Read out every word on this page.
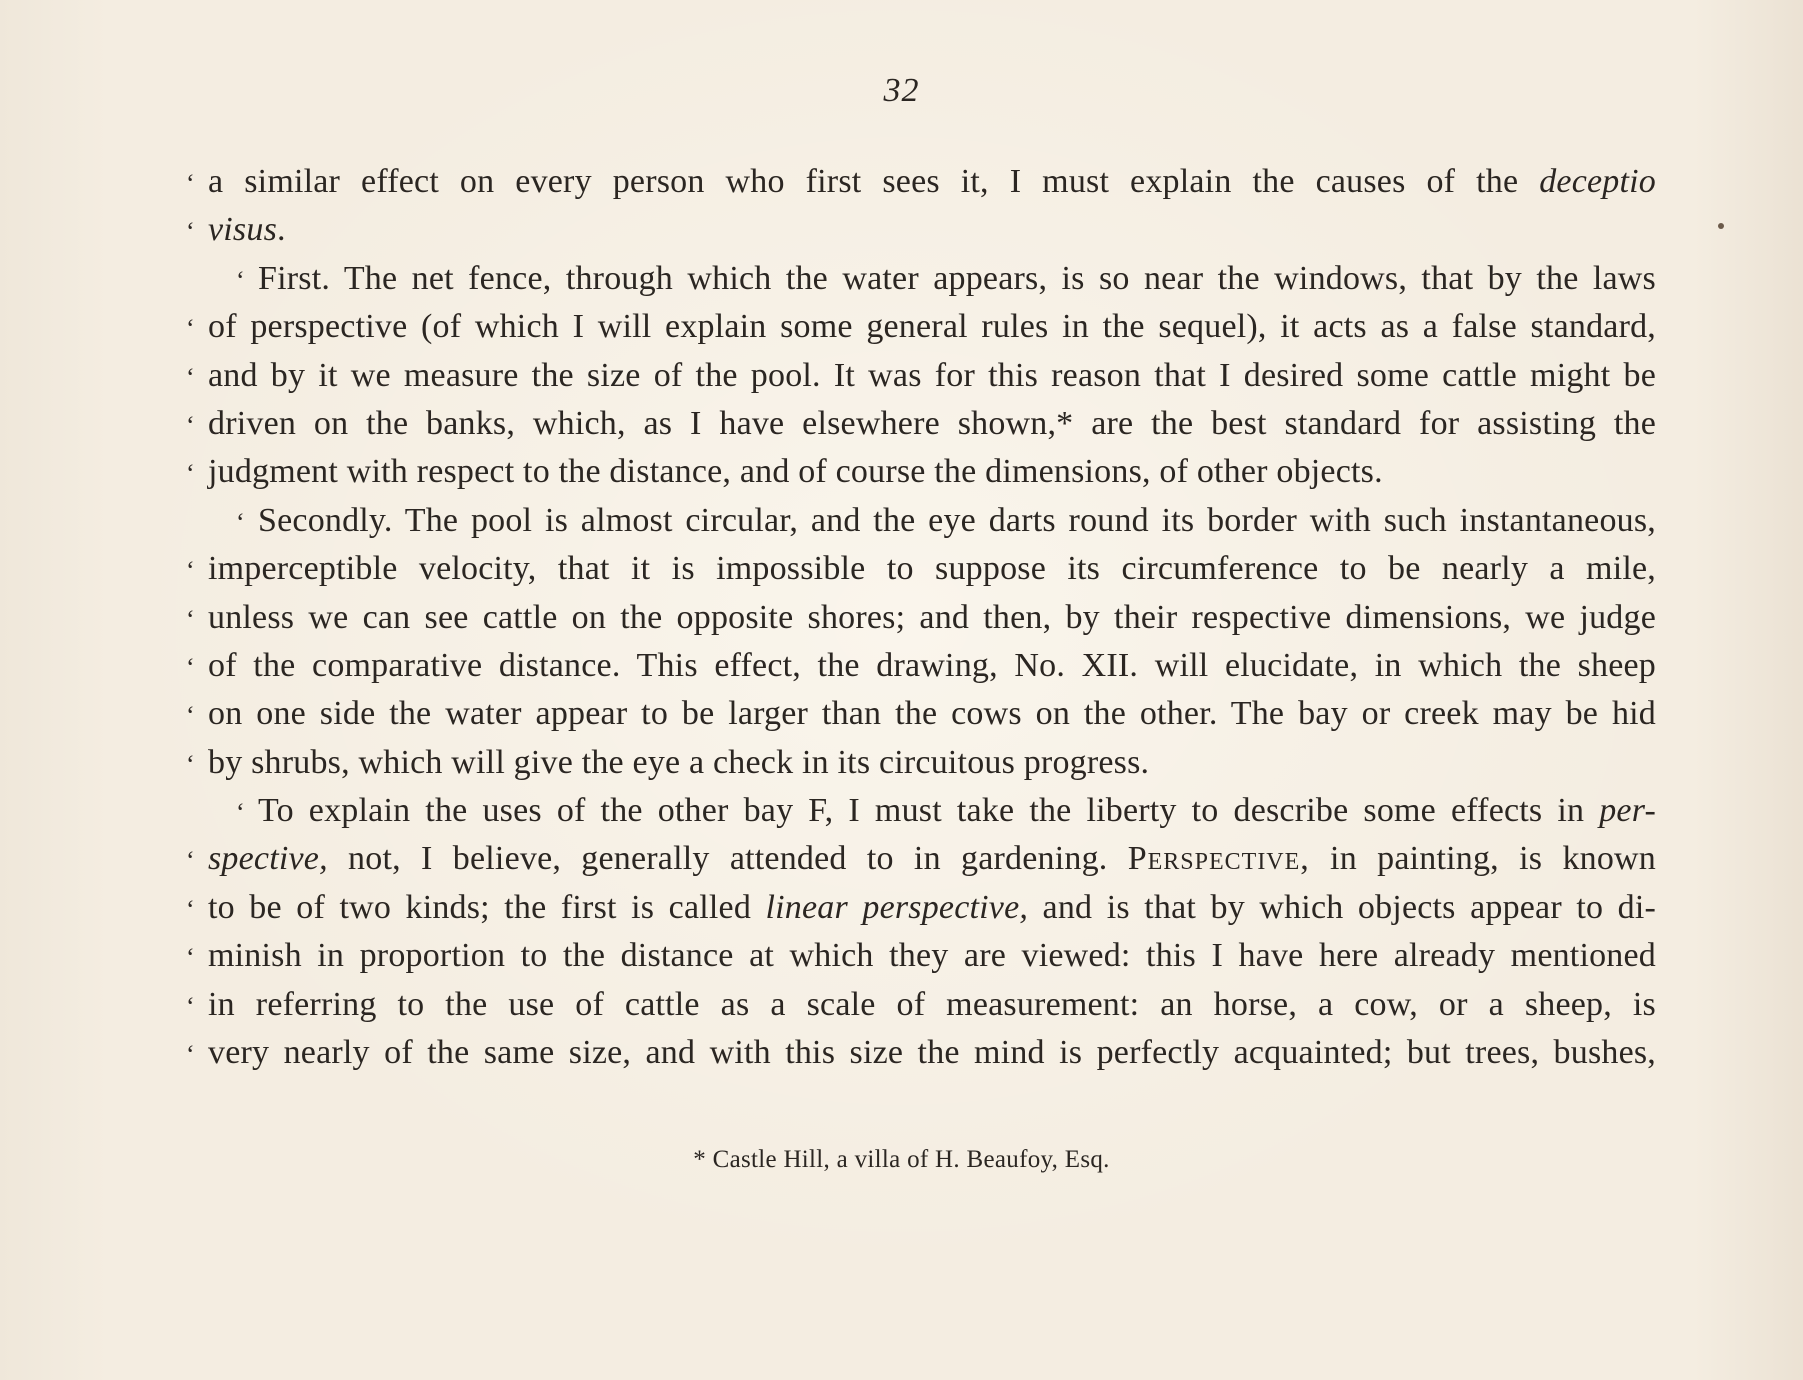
32
‘ a similar effect on every person who first sees it, I must explain the causes of the deceptio
‘ visus.
‘ First. The net fence, through which the water appears, is so near the windows, that by the laws
‘ of perspective (of which I will explain some general rules in the sequel), it acts as a false standard,
‘ and by it we measure the size of the pool. It was for this reason that I desired some cattle might be
‘ driven on the banks, which, as I have elsewhere shown,* are the best standard for assisting the
‘ judgment with respect to the distance, and of course the dimensions, of other objects.
‘ Secondly. The pool is almost circular, and the eye darts round its border with such instantaneous,
‘ imperceptible velocity, that it is impossible to suppose its circumference to be nearly a mile,
‘ unless we can see cattle on the opposite shores; and then, by their respective dimensions, we judge
‘ of the comparative distance. This effect, the drawing, No. XII. will elucidate, in which the sheep
‘ on one side the water appear to be larger than the cows on the other. The bay or creek may be hid
‘ by shrubs, which will give the eye a check in its circuitous progress.
‘ To explain the uses of the other bay F, I must take the liberty to describe some effects in per-
‘ spective, not, I believe, generally attended to in gardening. Perspective, in painting, is known
‘ to be of two kinds; the first is called linear perspective, and is that by which objects appear to di-
‘ minish in proportion to the distance at which they are viewed: this I have here already mentioned
‘ in referring to the use of cattle as a scale of measurement: an horse, a cow, or a sheep, is
‘ very nearly of the same size, and with this size the mind is perfectly acquainted; but trees, bushes,
* Castle Hill, a villa of H. Beaufoy, Esq.
